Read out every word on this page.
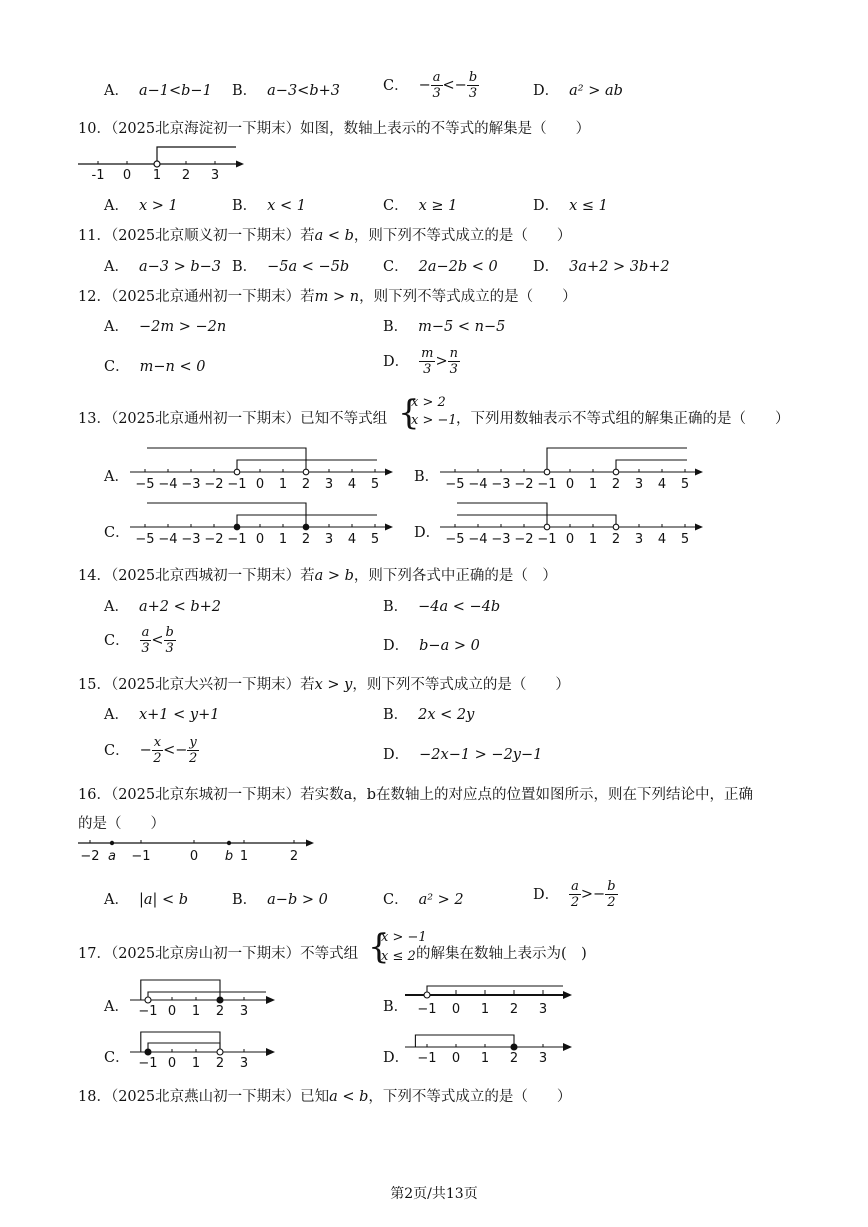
A． a−1<b−1 B． a−3<b+3	C． − $\frac{a}{3} <- \frac{b}{3}$	D． a² > ab
10．（2025北京海淀初一下期末）如图，数轴上表示的不等式的解集是（　　）
-1 0 1 2 3
A． x > 1	B． x < 1	C． x ≥ 1	D． x ≤ 1
11．（2025北京顺义初一下期末）若a < b，则下列不等式成立的是（　　）
A． a−3 > b−3 B． −5a < −5b C． 2a−2b < 0 D． 3a+2 > 3b+2
12．（2025北京通州初一下期末）若m > n，则下列不等式成立的是（　　）
A． −2m > −2n	B． m−5 < n−5
C． m−n < 0	D． $\frac{m}{3} > \frac{n}{3}$
13．（2025北京通州初一下期末）已知不等式组 {
x > 2
x > −1 ，下列用数轴表示不等式组的解集正确的是（　　）
A．	B．
C．	D．
−5 −4 −3 −2 −1 0 1 2 3 4 5	−5 −4 −3 −2 −1 0 1 2 3 4 5
−5 −4 −3 −2 −1 0 1 2 3 4 5	−5 −4 −3 −2 −1 0 1 2 3 4 5
14．（2025北京西城初一下期末）若a > b，则下列各式中正确的是（　）
A． a+2 < b+2	B． −4a < −4b
C． $\frac{a}{3} < \frac{b}{3}$	D． b−a > 0
15．（2025北京大兴初一下期末）若x > y，则下列不等式成立的是（　　）
A． x+1 < y+1	B． 2x < 2y
C． − $\frac{x}{2} <- \frac{y}{2}$	D． −2x−1 > −2y−1
16．（2025北京东城初一下期末）若实数a，b在数轴上的对应点的位置如图所示，则在下列结论中，正确
的是（　　）
−2 a −1	0 b 1	2
A． |a| < b	B． a−b > 0	C． a² > 2	D． $\frac{a}{2} >- \frac{b}{2}$
17．（2025北京房山初一下期末）不等式组 {
x > −1
x ≤ 2 的解集在数轴上表示为(　)
A．	B．
C．	D．
−1 0 1 2 3	−1 0 1 2 3
−1 0 1 2 3	−1 0 1 2 3
18．（2025北京燕山初一下期末）已知a < b，下列不等式成立的是（　　）
第2页/共13页
